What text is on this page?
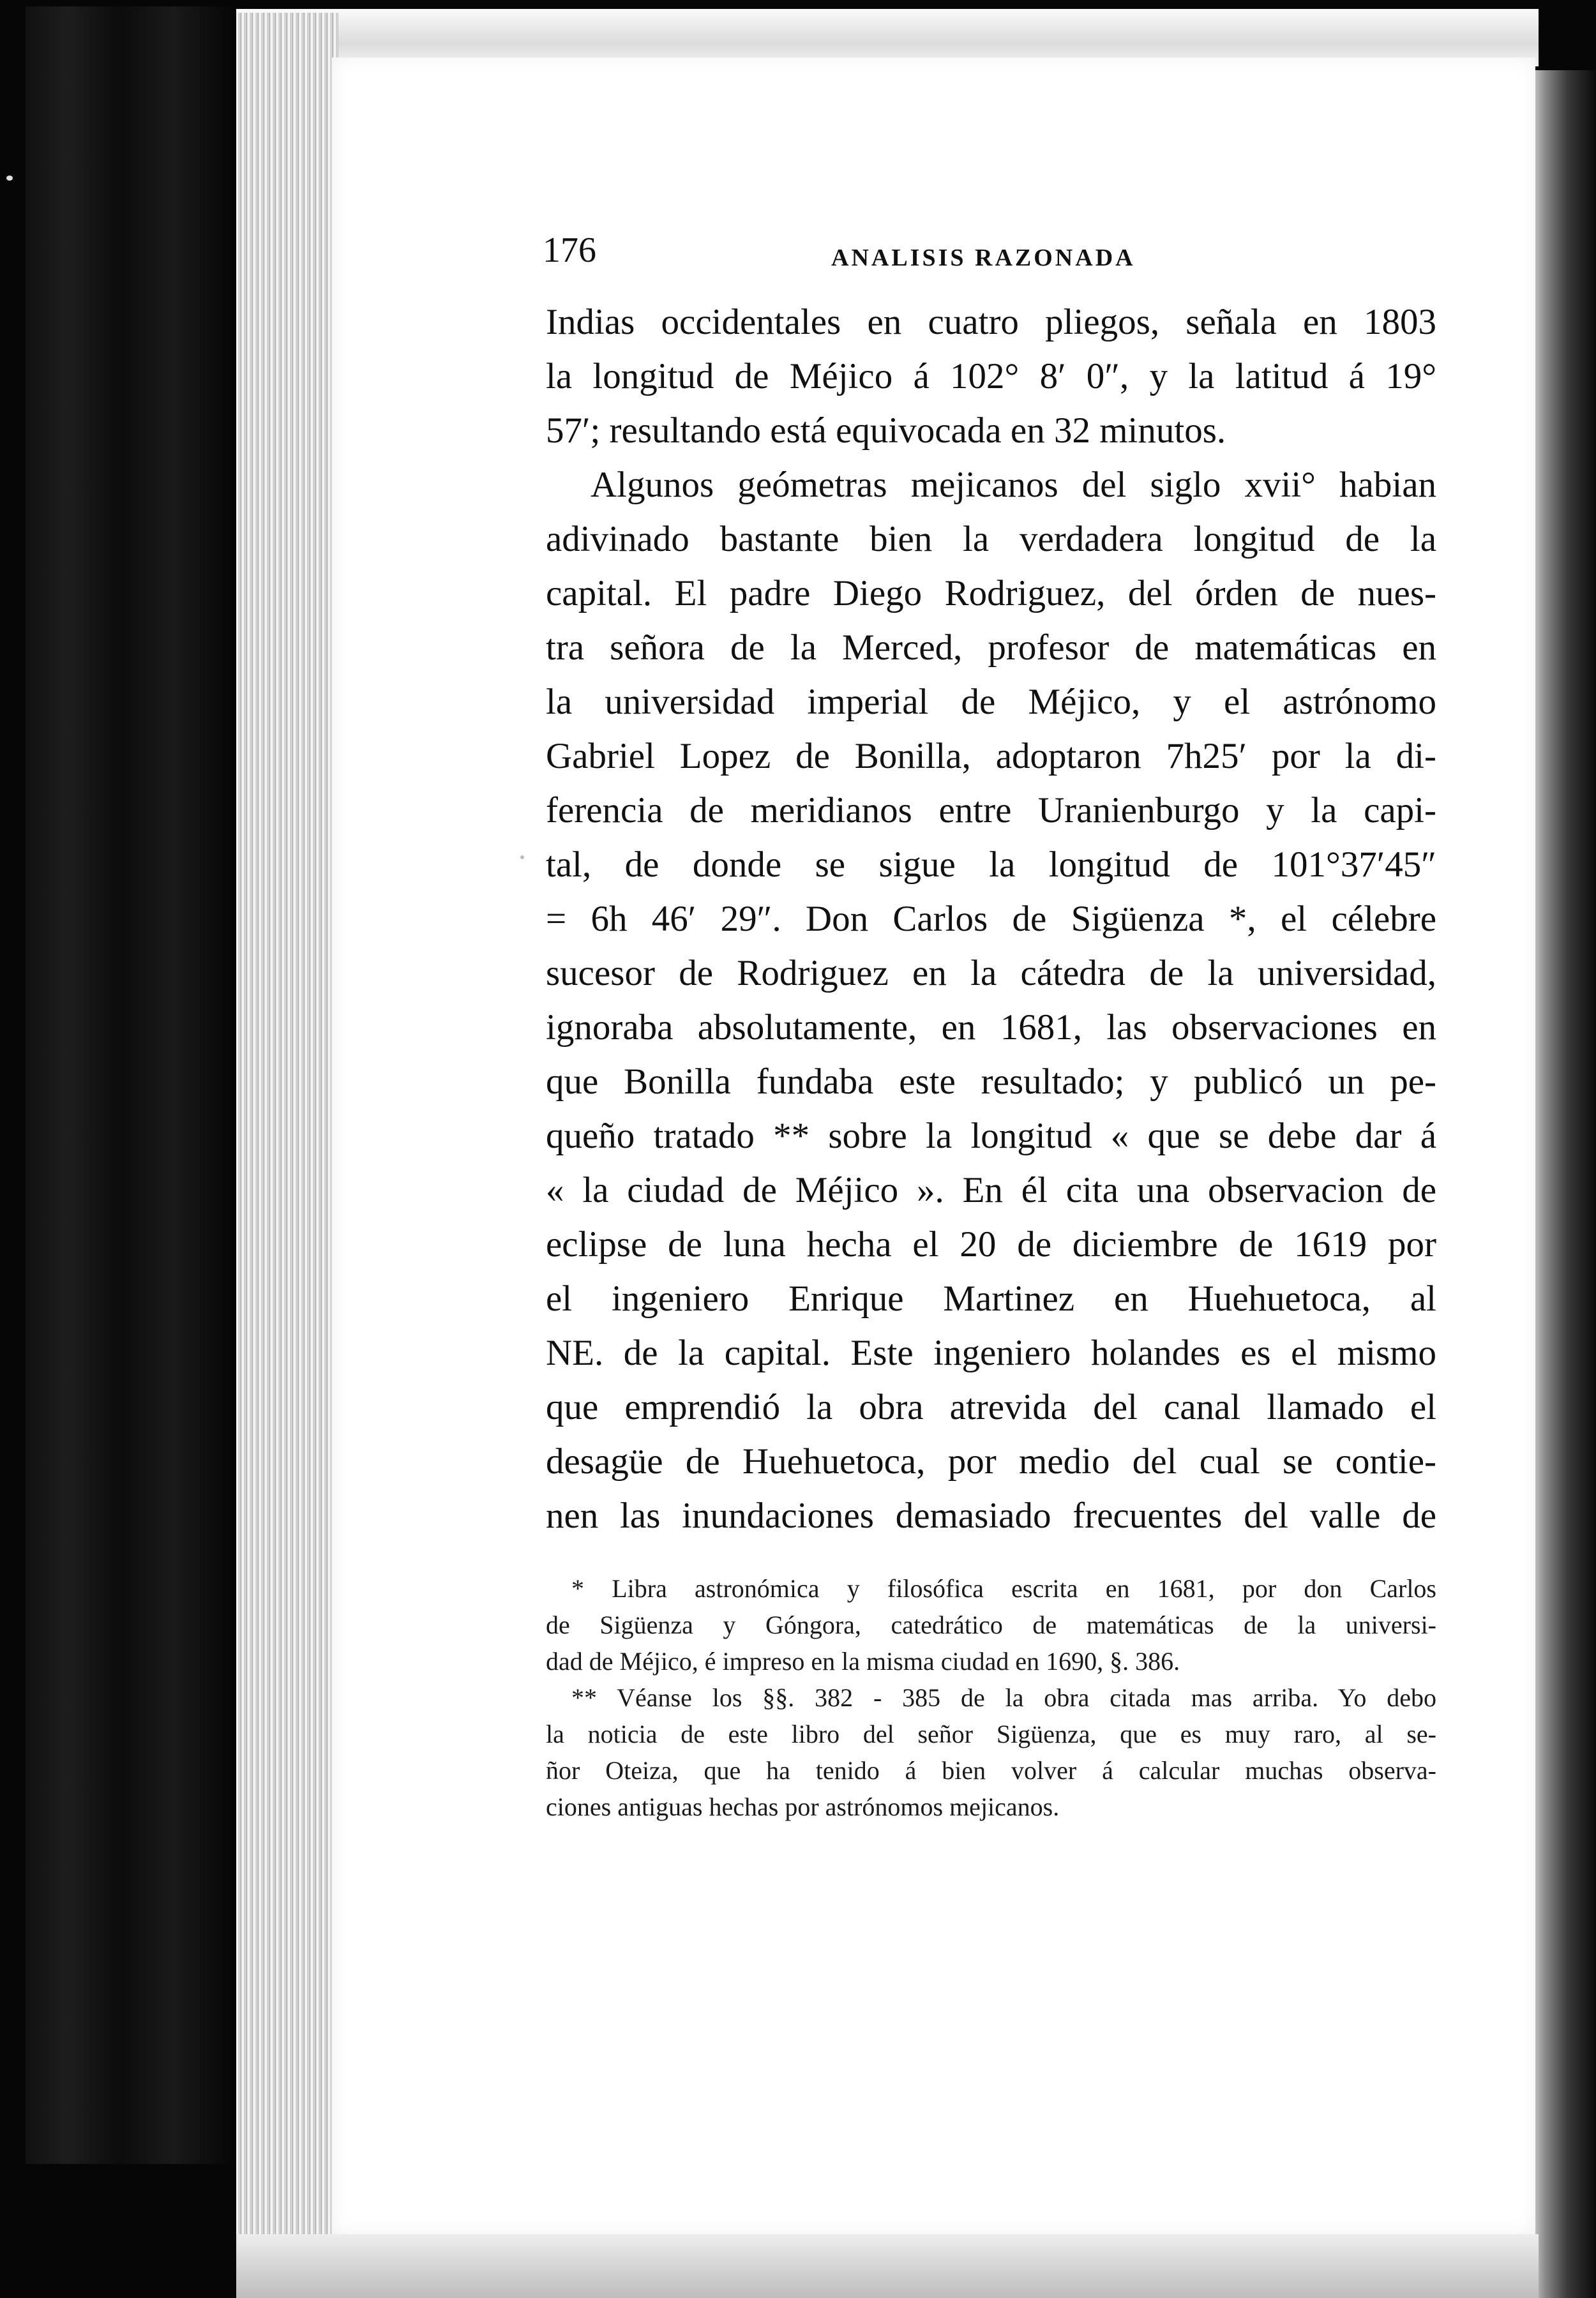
176	ANALISIS RAZONADA
Indias occidentales en cuatro pliegos, señala en 1803
la longitud de Méjico á 102° 8′ 0″, y la latitud á 19°
57′; resultando está equivocada en 32 minutos.
Algunos geómetras mejicanos del siglo xvii° habian
adivinado bastante bien la verdadera longitud de la
capital. El padre Diego Rodriguez, del órden de nues-
tra señora de la Merced, profesor de matemáticas en
la universidad imperial de Méjico, y el astrónomo
Gabriel Lopez de Bonilla, adoptaron 7h25′ por la di-
ferencia de meridianos entre Uranienburgo y la capi-
tal, de donde se sigue la longitud de 101°37′45″
= 6h 46′ 29″. Don Carlos de Sigüenza *, el célebre
sucesor de Rodriguez en la cátedra de la universidad,
ignoraba absolutamente, en 1681, las observaciones en
que Bonilla fundaba este resultado; y publicó un pe-
queño tratado ** sobre la longitud « que se debe dar á
« la ciudad de Méjico ». En él cita una observacion de
eclipse de luna hecha el 20 de diciembre de 1619 por
el ingeniero Enrique Martinez en Huehuetoca, al
NE. de la capital. Este ingeniero holandes es el mismo
que emprendió la obra atrevida del canal llamado el
desagüe de Huehuetoca, por medio del cual se contie-
nen las inundaciones demasiado frecuentes del valle de
* Libra astronómica y filosófica escrita en 1681, por don Carlos
de Sigüenza y Góngora, catedrático de matemáticas de la universi-
dad de Méjico, é impreso en la misma ciudad en 1690, §. 386.
** Véanse los §§. 382 - 385 de la obra citada mas arriba. Yo debo
la noticia de este libro del señor Sigüenza, que es muy raro, al se-
ñor Oteiza, que ha tenido á bien volver á calcular muchas observa-
ciones antiguas hechas por astrónomos mejicanos.
